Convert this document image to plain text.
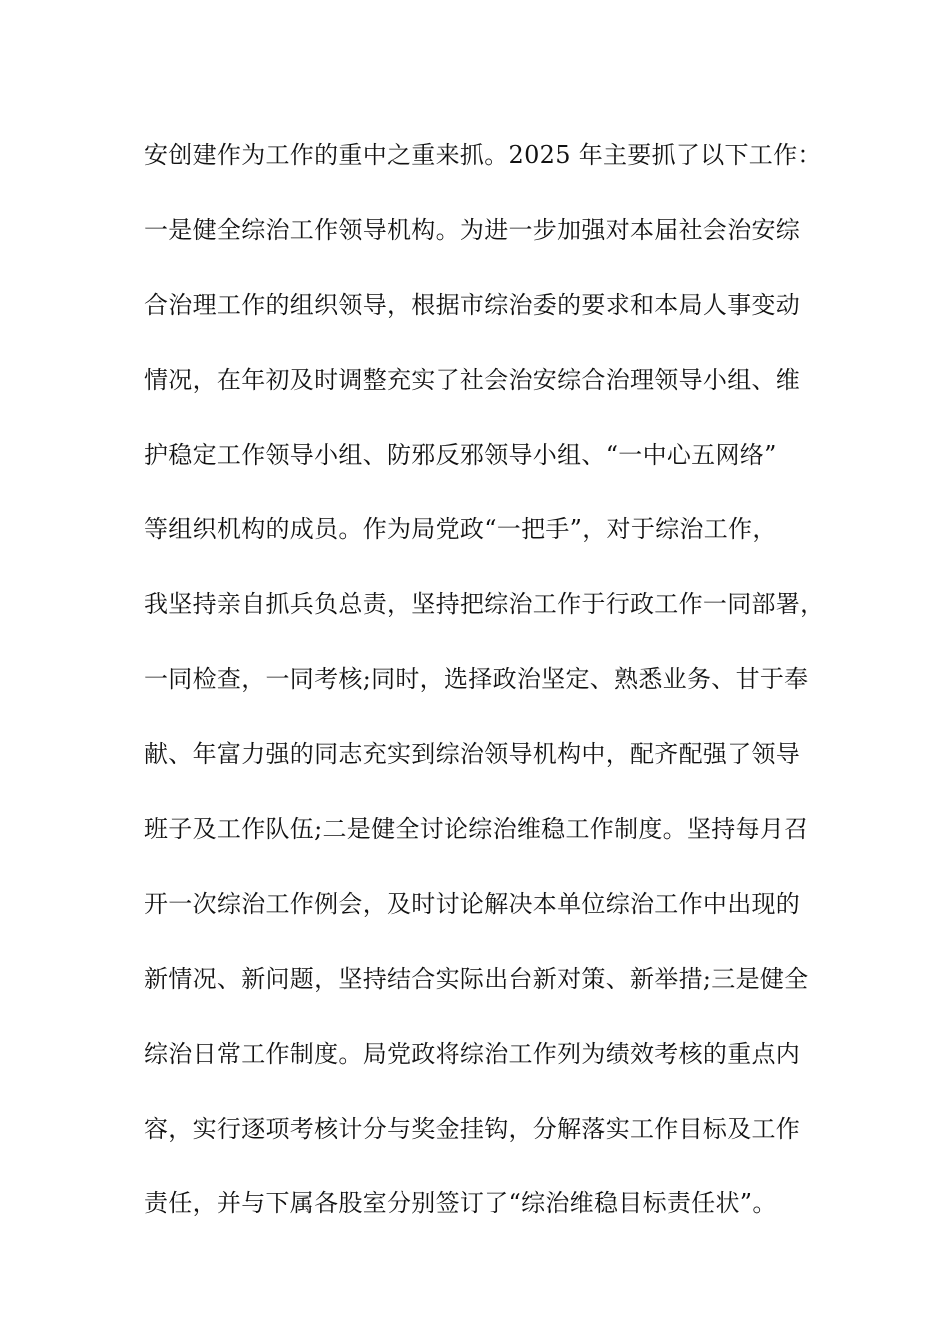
安创建作为工作的重中之重来抓。2025 年主要抓了以下工作：
一是健全综治工作领导机构。为进一步加强对本届社会治安综
合治理工作的组织领导，根据市综治委的要求和本局人事变动
情况，在年初及时调整充实了社会治安综合治理领导小组、维
护稳定工作领导小组、防邪反邪领导小组、“一中心五网络”
等组织机构的成员。作为局党政“一把手”，对于综治工作，
我坚持亲自抓兵负总责，坚持把综治工作于行政工作一同部署，
一同检查，一同考核;同时，选择政治坚定、熟悉业务、甘于奉
献、年富力强的同志充实到综治领导机构中，配齐配强了领导
班子及工作队伍;二是健全讨论综治维稳工作制度。坚持每月召
开一次综治工作例会，及时讨论解决本单位综治工作中出现的
新情况、新问题，坚持结合实际出台新对策、新举措;三是健全
综治日常工作制度。局党政将综治工作列为绩效考核的重点内
容，实行逐项考核计分与奖金挂钩，分解落实工作目标及工作
责任，并与下属各股室分别签订了“综治维稳目标责任状”。
